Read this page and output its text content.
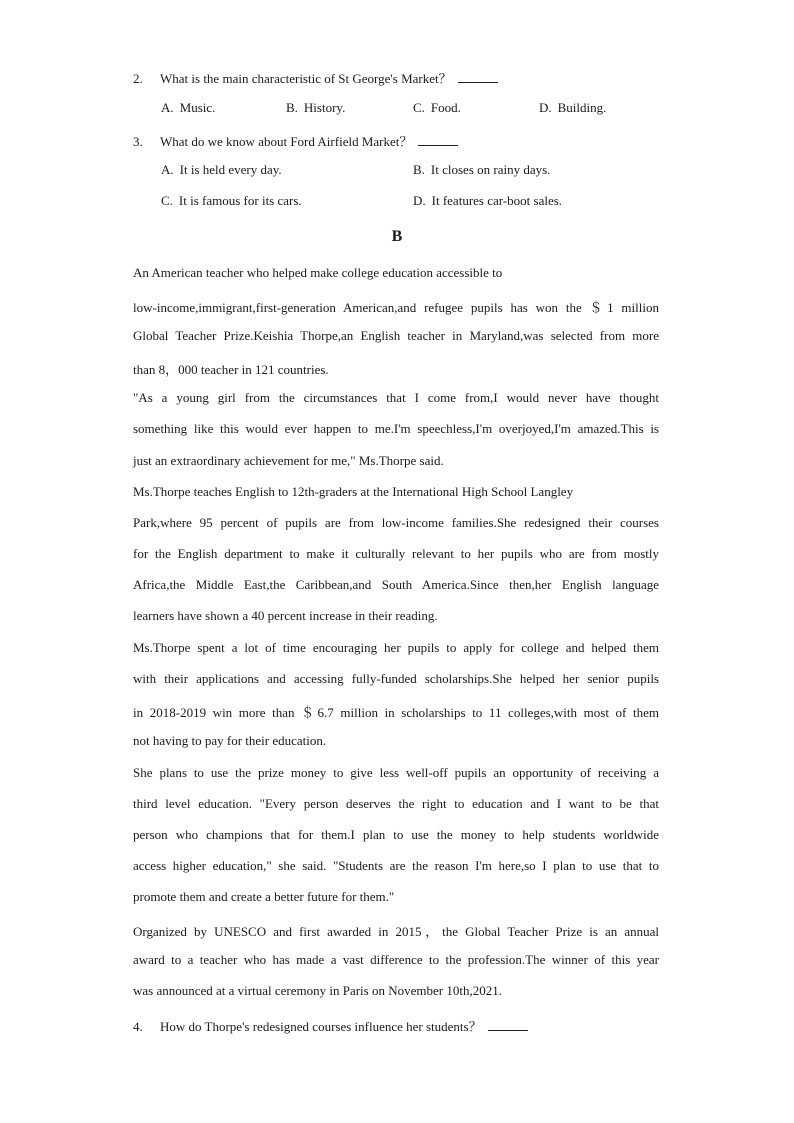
2. What is the main characteristic of St George's Market？
A. Music.	B. History.	C. Food.	D. Building.
3. What do we know about Ford Airfield Market？
A. It is held every day.	B. It closes on rainy days.
C. It is famous for its cars.	D. It features car-boot sales.
B
An American teacher who helped make college education accessible to
low-income,immigrant,first-generation American,and refugee pupils has won the ＄1 million
Global Teacher Prize.Keishia Thorpe,an English teacher in Maryland,was selected from more
than 8，000 teacher in 121 countries.
"As a young girl from the circumstances that I come from,I would never have thought
something like this would ever happen to me.I'm speechless,I'm overjoyed,I'm amazed.This is
just an extraordinary achievement for me," Ms.Thorpe said.
Ms.Thorpe teaches English to 12th-graders at the International High School Langley
Park,where 95 percent of pupils are from low-income families.She redesigned their courses
for the English department to make it culturally relevant to her pupils who are from mostly
Africa,the Middle East,the Caribbean,and South America.Since then,her English language
learners have shown a 40 percent increase in their reading.
Ms.Thorpe spent a lot of time encouraging her pupils to apply for college and helped them
with their applications and accessing fully-funded scholarships.She helped her senior pupils
in 2018-2019 win more than ＄6.7 million in scholarships to 11 colleges,with most of them
not having to pay for their education.
She plans to use the prize money to give less well-off pupils an opportunity of receiving a
third level education. "Every person deserves the right to education and I want to be that
person who champions that for them.I plan to use the money to help students worldwide
access higher education," she said. "Students are the reason I'm here,so I plan to use that to
promote them and create a better future for them."
Organized by UNESCO and first awarded in 2015，the Global Teacher Prize is an annual
award to a teacher who has made a vast difference to the profession.The winner of this year
was announced at a virtual ceremony in Paris on November 10th,2021.
4. How do Thorpe's redesigned courses influence her students？
